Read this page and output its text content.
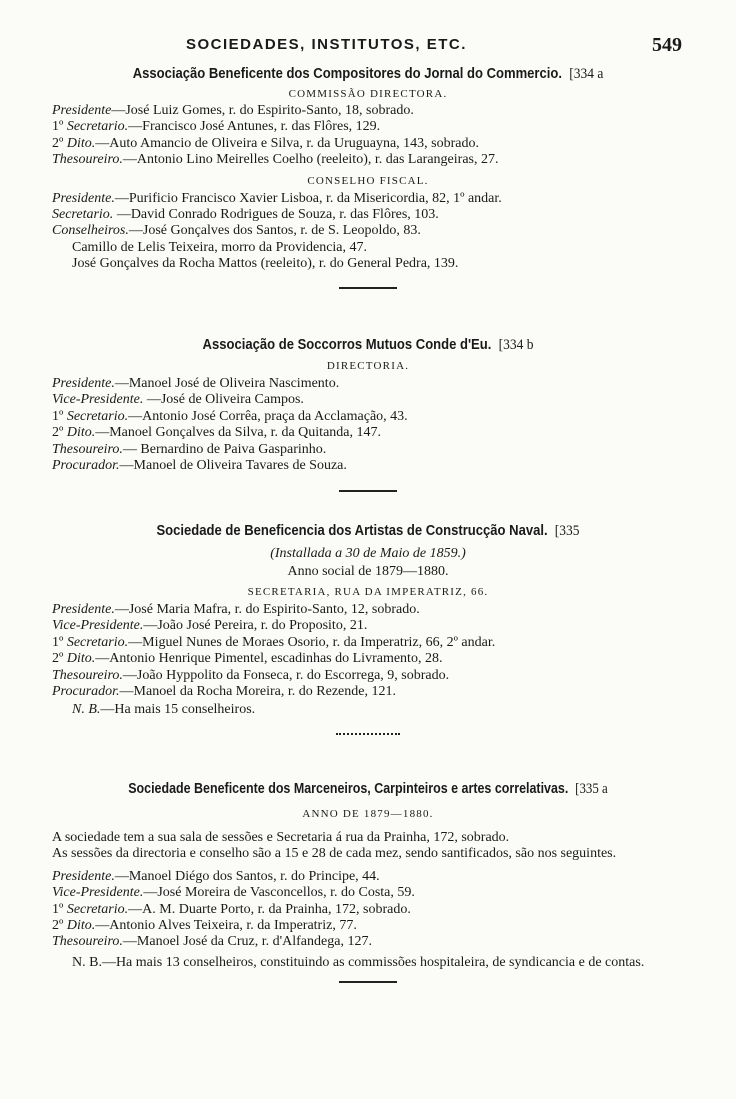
SOCIEDADES, INSTITUTOS, ETC.	549
Associação Beneficente dos Compositores do Jornal do Commercio. [334 a
COMMISSÃO DIRECTORA.
Presidente—José Luiz Gomes, r. do Espirito-Santo, 18, sobrado.
1º Secretario.—Francisco José Antunes, r. das Flôres, 129.
2º Dito.—Auto Amancio de Oliveira e Silva, r. da Uruguayna, 143, sobrado.
Thesoureiro.—Antonio Lino Meirelles Coelho (reeleito), r. das Larangeiras, 27.
CONSELHO FISCAL.
Presidente.—Purificio Francisco Xavier Lisboa, r. da Misericordia, 82, 1º andar.
Secretario. —David Conrado Rodrigues de Souza, r. das Flôres, 103.
Conselheiros.—José Gonçalves dos Santos, r. de S. Leopoldo, 83.
Camillo de Lelis Teixeira, morro da Providencia, 47.
José Gonçalves da Rocha Mattos (reeleito), r. do General Pedra, 139.
Associação de Soccorros Mutuos Conde d'Eu. [334 b
DIRECTORIA.
Presidente.—Manoel José de Oliveira Nascimento.
Vice-Presidente. —José de Oliveira Campos.
1º Secretario.—Antonio José Corrêa, praça da Acclamação, 43.
2º Dito.—Manoel Gonçalves da Silva, r. da Quitanda, 147.
Thesoureiro.— Bernardino de Paiva Gasparinho.
Procurador.—Manoel de Oliveira Tavares de Souza.
Sociedade de Beneficencia dos Artistas de Construcção Naval. [335
(Installada a 30 de Maio de 1859.)
Anno social de 1879—1880.
SECRETARIA, RUA DA IMPERATRIZ, 66.
Presidente.—José Maria Mafra, r. do Espirito-Santo, 12, sobrado.
Vice-Presidente.—João José Pereira, r. do Proposito, 21.
1º Secretario.—Miguel Nunes de Moraes Osorio, r. da Imperatriz, 66, 2º andar.
2º Dito.—Antonio Henrique Pimentel, escadinhas do Livramento, 28.
Thesoureiro.—João Hyppolito da Fonseca, r. do Escorrega, 9, sobrado.
Procurador.—Manoel da Rocha Moreira, r. do Rezende, 121.
N. B.—Ha mais 15 conselheiros.
Sociedade Beneficente dos Marceneiros, Carpinteiros e artes correlativas. [335 a
ANNO DE 1879—1880.
A sociedade tem a sua sala de sessões e Secretaria á rua da Prainha, 172, sobrado.
As sessões da directoria e conselho são a 15 e 28 de cada mez, sendo santificados, são nos seguintes.
Presidente.—Manoel Diégo dos Santos, r. do Principe, 44.
Vice-Presidente.—José Moreira de Vasconcellos, r. do Costa, 59.
1º Secretario.—A. M. Duarte Porto, r. da Prainha, 172, sobrado.
2º Dito.—Antonio Alves Teixeira, r. da Imperatriz, 77.
Thesoureiro.—Manoel José da Cruz, r. d'Alfandega, 127.
N. B.—Ha mais 13 conselheiros, constituindo as commissões hospitaleira, de syndicancia e de contas.
